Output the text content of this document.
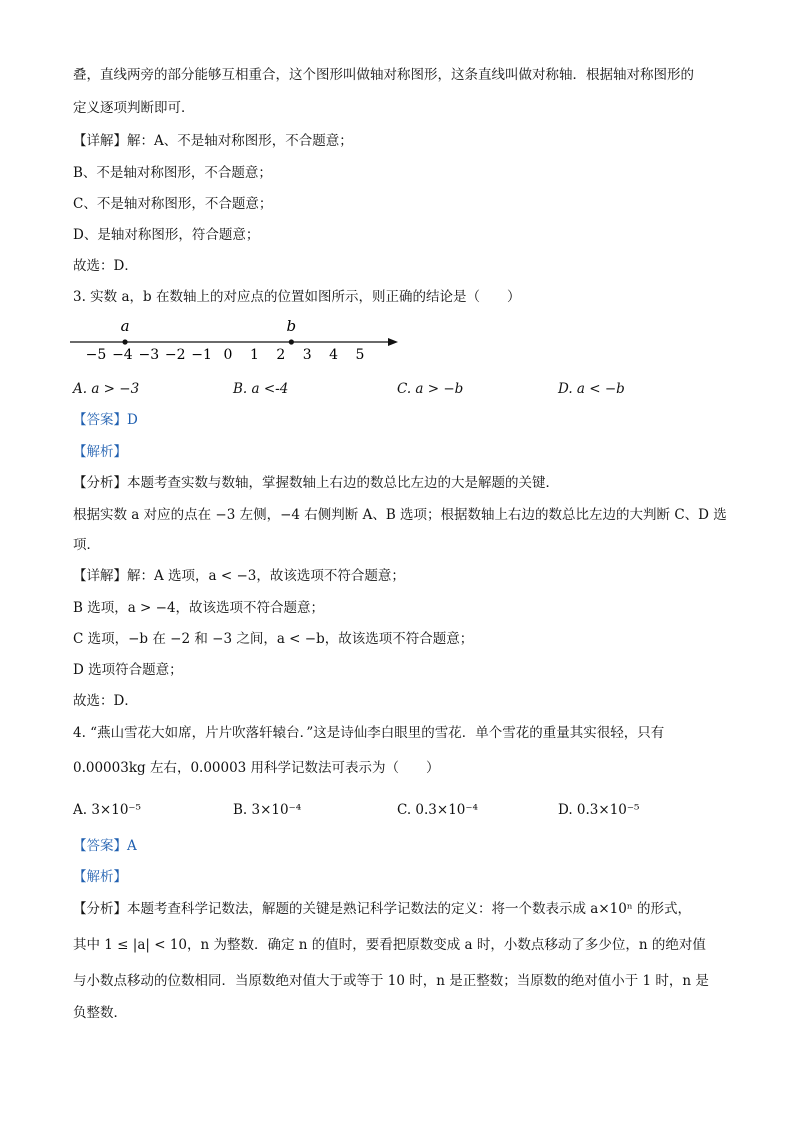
叠，直线两旁的部分能够互相重合，这个图形叫做轴对称图形，这条直线叫做对称轴．根据轴对称图形的
定义逐项判断即可．
【详解】解：A、不是轴对称图形，不合题意；
B、不是轴对称图形，不合题意；
C、不是轴对称图形，不合题意；
D、是轴对称图形，符合题意；
故选：D．
3. 实数 a，b 在数轴上的对应点的位置如图所示，则正确的结论是（　　）
−5 −4 −3 −2 −1 0 1 2 3 4 5
a	b
A. a > −3	B. a <-4	C. a > −b	D. a < −b
【答案】D
【解析】
【分析】本题考查实数与数轴，掌握数轴上右边的数总比左边的大是解题的关键．
根据实数 a 对应的点在 −3 左侧，−4 右侧判断 A、B 选项；根据数轴上右边的数总比左边的大判断 C、D 选
项．
【详解】解：A 选项，a < −3，故该选项不符合题意；
B 选项，a > −4，故该选项不符合题意；
C 选项，−b 在 −2 和 −3 之间，a < −b，故该选项不符合题意；
D 选项符合题意；
故选：D．
4. “燕山雪花大如席，片片吹落轩辕台．”这是诗仙李白眼里的雪花．单个雪花的重量其实很轻，只有
0.00003kg 左右，0.00003 用科学记数法可表示为（　　）
A. 3×10⁻⁵	B. 3×10⁻⁴	C. 0.3×10⁻⁴	D. 0.3×10⁻⁵
【答案】A
【解析】
【分析】本题考查科学记数法，解题的关键是熟记科学记数法的定义：将一个数表示成 a×10ⁿ 的形式，
其中 1 ≤ |a| < 10，n 为整数．确定 n 的值时，要看把原数变成 a 时，小数点移动了多少位，n 的绝对值
与小数点移动的位数相同．当原数绝对值大于或等于 10 时，n 是正整数；当原数的绝对值小于 1 时，n 是
负整数．
